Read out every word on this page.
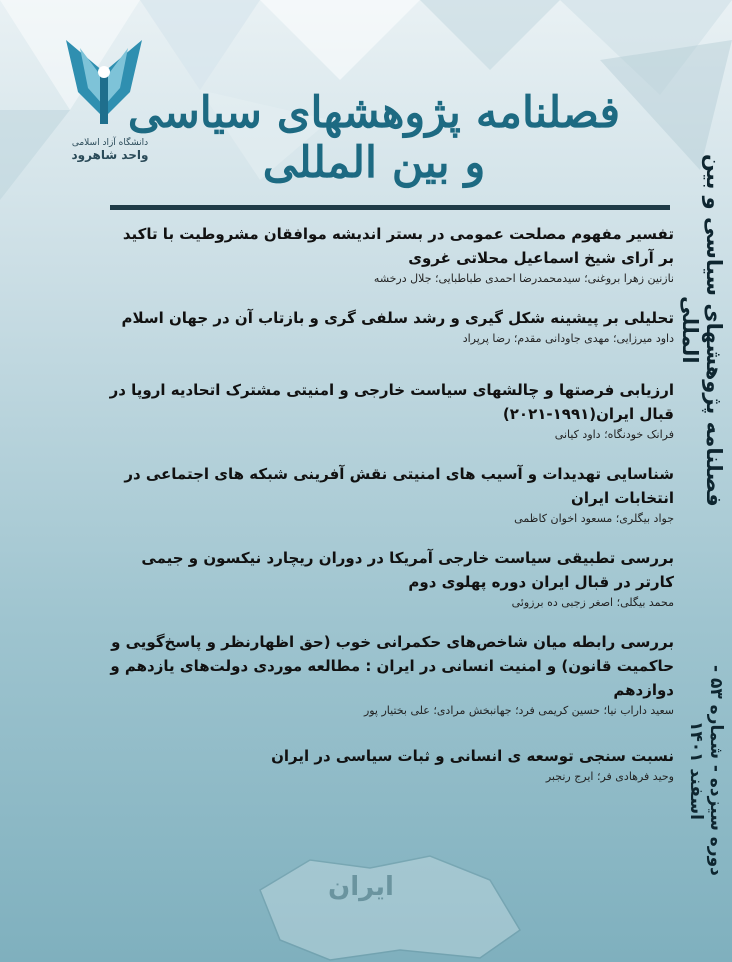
دانشگاه آزاد اسلامی
واحد شاهرود
فصلنامه پژوهشهای سیاسی و بین المللی
تفسیر مفهوم مصلحت عمومی در بستر اندیشه موافقان مشروطیت با تاکید بر آرای شیخ اسماعیل محلاتی غروی
نازنین زهرا بروغنی؛ سیدمحمدرضا احمدی طباطبایی؛ جلال درخشه
تحلیلی بر پیشینه شکل گیری و رشد سلفی گری و بازتاب آن در جهان اسلام
داود میرزایی؛ مهدی جاودانی مقدم؛ رضا پرپراد
ارزیابی فرصتها و چالشهای سیاست خارجی و امنیتی مشترک اتحادیه اروپا در قبال ایران(۱۹۹۱-۲۰۲۱)
فرانک خودنگاه؛ داود کیانی
شناسایی تهدیدات و آسیب های امنیتی نقش آفرینی شبکه های اجتماعی در انتخابات ایران
جواد بیگلری؛ مسعود اخوان کاظمی
بررسی تطبیقی سیاست خارجی آمریکا در دوران ریچارد نیکسون و جیمی کارتر در قبال ایران دوره پهلوی دوم
محمد بیگلی؛ اصغر زجبی ده برزوئی
بررسی رابطه میان شاخص‌های حکمرانی خوب (حق اظهارنظر و پاسخ‌گویی و حاکمیت قانون) و امنیت انسانی در ایران : مطالعه موردی دولت‌های یازدهم و دوازدهم
سعید داراب نیا؛ حسین کریمی فرد؛ جهانبخش مرادی؛ علی بختیار پور
نسبت سنجی توسعه ی انسانی و ثبات سیاسی در ایران
وحید فرهادی فر؛ ایرج رنجبر
فصلنامه پژوهشهای سیاسی و بین المللی
دوره سیزده - شماره ۵۳ - اسفند ۱۴۰۱
ایران
